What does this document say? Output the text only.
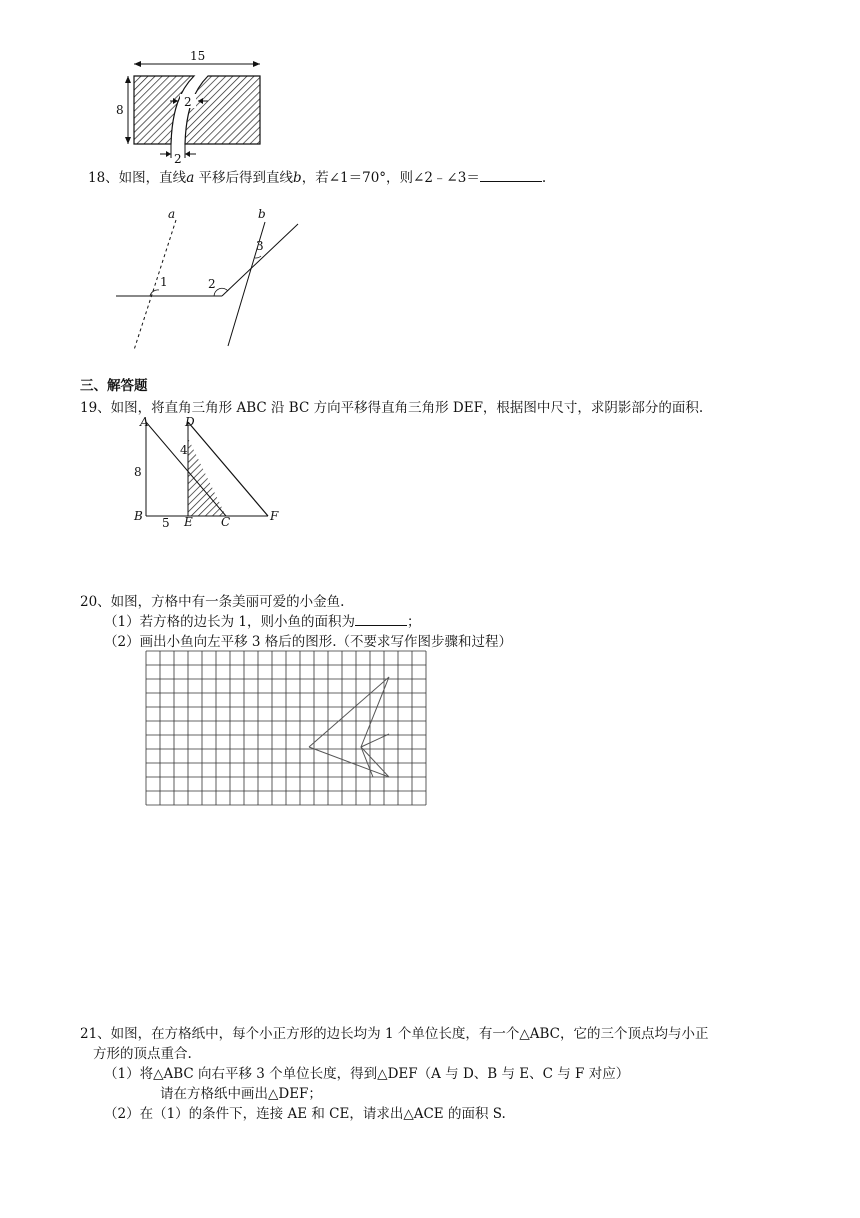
15
8
2
2
18、如图，直线a 平移后得到直线b，若∠1＝70°，则∠2﹣∠3＝	.
a	b
1	2
3
三、解答题
19、如图，将直角三角形 ABC 沿 BC 方向平移得直角三角形 DEF，根据图中尺寸，求阴影部分的面积.
A	D
B	E C	F
8
4
5
20、如图，方格中有一条美丽可爱的小金鱼.
（1）若方格的边长为 1，则小鱼的面积为	；
（2）画出小鱼向左平移 3 格后的图形.（不要求写作图步骤和过程）
21、如图，在方格纸中，每个小正方形的边长均为 1 个单位长度，有一个△ABC，它的三个顶点均与小正
方形的顶点重合.
（1）将△ABC 向右平移 3 个单位长度，得到△DEF（A 与 D、B 与 E、C 与 F 对应）
请在方格纸中画出△DEF；
（2）在（1）的条件下，连接 AE 和 CE，请求出△ACE 的面积 S.
